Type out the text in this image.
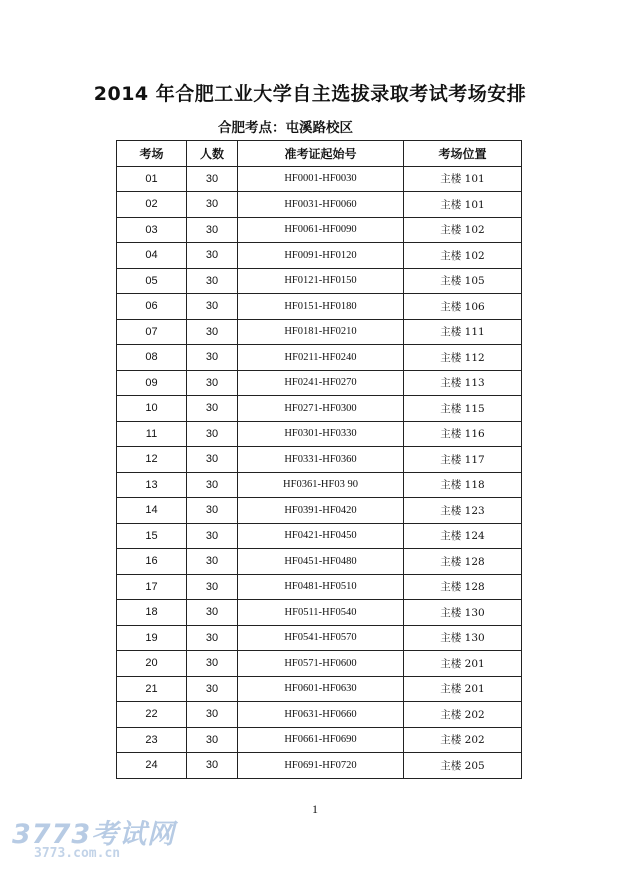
2014 年合肥工业大学自主选拔录取考试考场安排
合肥考点：屯溪路校区
考场	人数	准考证起始号	考场位置
01	30	HF0001-HF0030	主楼 101
02	30	HF0031-HF0060	主楼 101
03	30	HF0061-HF0090	主楼 102
04	30	HF0091-HF0120	主楼 102
05	30	HF0121-HF0150	主楼 105
06	30	HF0151-HF0180	主楼 106
07	30	HF0181-HF0210	主楼 111
08	30	HF0211-HF0240	主楼 112
09	30	HF0241-HF0270	主楼 113
10	30	HF0271-HF0300	主楼 115
11	30	HF0301-HF0330	主楼 116
12	30	HF0331-HF0360	主楼 117
13	30	HF0361-HF03 90	主楼 118
14	30	HF0391-HF0420	主楼 123
15	30	HF0421-HF0450	主楼 124
16	30	HF0451-HF0480	主楼 128
17	30	HF0481-HF0510	主楼 128
18	30	HF0511-HF0540	主楼 130
19	30	HF0541-HF0570	主楼 130
20	30	HF0571-HF0600	主楼 201
21	30	HF0601-HF0630	主楼 201
22	30	HF0631-HF0660	主楼 202
23	30	HF0661-HF0690	主楼 202
24	30	HF0691-HF0720	主楼 205
1
3773考试网
3773.com.cn
